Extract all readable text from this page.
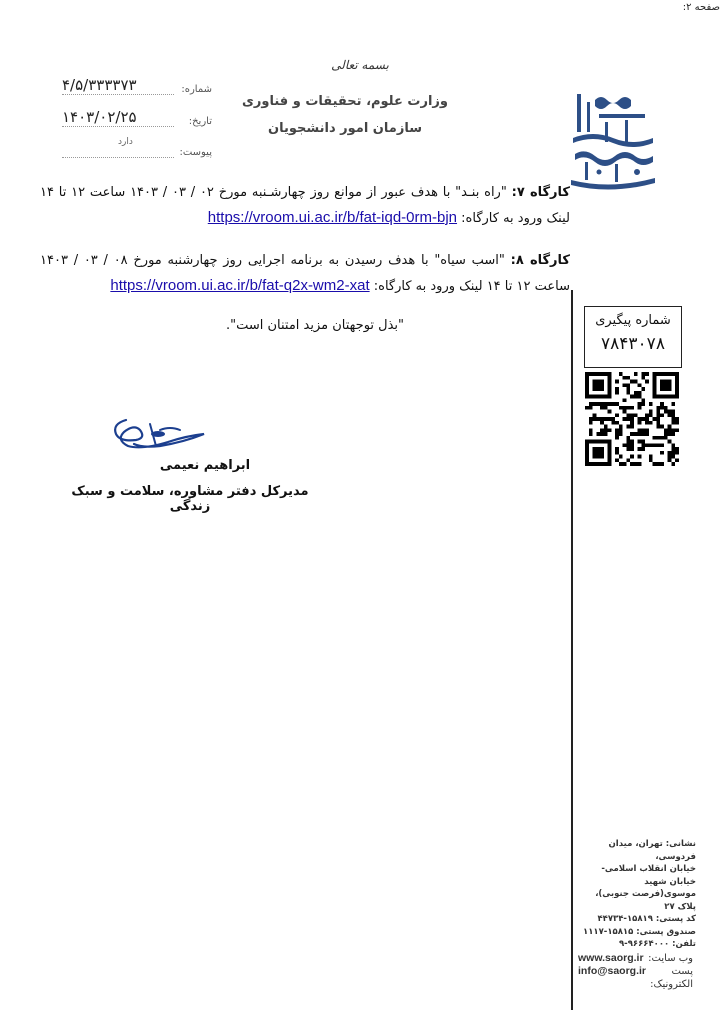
صفحه ۲:
بسمه تعالی
وزارت علوم، تحقیقات و فناوری
سازمان امور دانشجویان
شماره:
۴/۵/۳۳۳۳۷۳
تاریخ:
۱۴۰۳/۰۲/۲۵
دارد
پیوست:
کارگاه ۷: "راه بنـد" با هدف عبور از موانع روز چهارشـنبه مورخ ۰۲ / ۰۳ / ۱۴۰۳ ساعت ۱۲ تا ۱۴ لینک ورود به کارگاه: https://vroom.ui.ac.ir/b/fat-iqd-0rm-bjn
کارگاه ۸: "اسب سیاه" با هدف رسیدن به برنامه اجرایی روز چهارشنبه مورخ ۰۸ / ۰۳ / ۱۴۰۳ ساعت ۱۲ تا ۱۴ لینک ورود به کارگاه: https://vroom.ui.ac.ir/b/fat-q2x-wm2-xat
"بذل توجهتان مزید امتنان است".	شماره پیگیری
۷۸۴۳۰۷۸
ابراهیم نعیمی
مدیرکل دفتر مشاوره، سلامت و سبک زندگی
نشانی: تهران، میدان فردوسی،
خیابان انقلاب اسلامی-خیابان شهید
موسوی(فرصت جنوبی)، پلاک ۲۷
کد پستی: ۱۵۸۱۹-۴۴۷۳۴
صندوق پستی: ۱۵۸۱۵-۱۱۱۷
تلفن: ۹۶۶۶۴۰۰۰-۹
وب سایت:
www.saorg.ir
پست الکترونیک:
info@saorg.ir
